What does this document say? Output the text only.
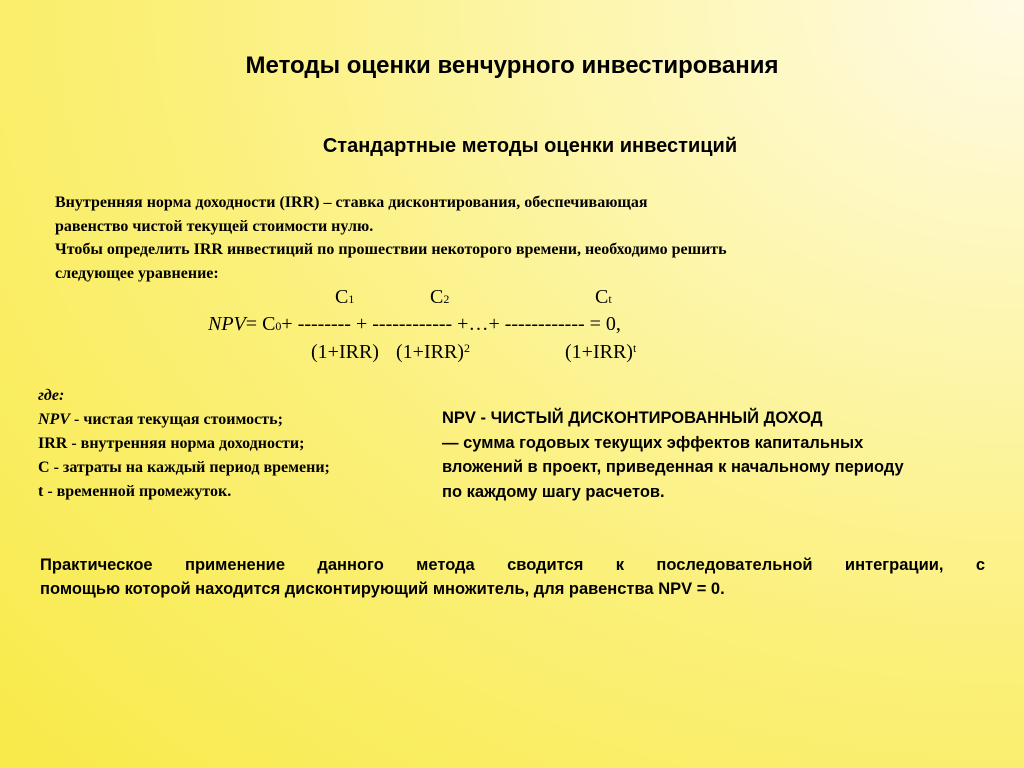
Методы оценки венчурного инвестирования
Стандартные методы оценки инвестиций
Внутренняя норма доходности (IRR) – ставка дисконтирования, обеспечивающая
равенство чистой текущей стоимости нулю.
Чтобы определить IRR инвестиций по прошествии некоторого времени, необходимо решить
следующее уравнение:
C1	C2	Ct
NPV= C0+ -------- + ------------ +…+ ------------ = 0,
(1+IRR) $(1+IRR)^2$	$(1+IRR)^t$
где:
NPV - чистая текущая стоимость;
IRR - внутренняя норма доходности;
C - затраты на каждый период времени;
t - временной промежуток.
NPV - ЧИСТЫЙ ДИСКОНТИРОВАННЫЙ ДОХОД
— сумма годовых текущих эффектов капитальных
вложений в проект, приведенная к начальному периоду
по каждому шагу расчетов.
Практическое применение данного метода сводится к последовательной интеграции, с
помощью которой находится дисконтирующий множитель, для равенства NPV = 0.
